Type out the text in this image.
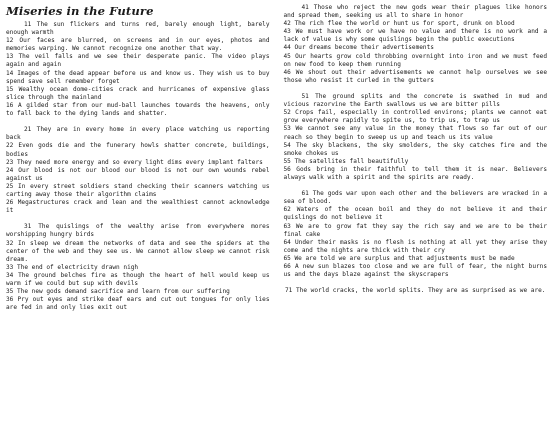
Miseries in the Future
11 The sun flickers and turns red, barely enough light, barely enough warmth
12 Our faces are blurred, on screens and in our eyes, photos and memories warping. We cannot recognize one another that way.
13 The veil falls and we see their desperate panic. The video plays again and again
14 Images of the dead appear before us and know us. They wish us to buy spend save sell remember forget
15 Wealthy ocean dome-cities crack and hurricanes of expensive glass slice through the mainland
16 A gilded star from our mud-ball launches towards the heavens, only to fall back to the dying lands and shatter.
21 They are in every home in every place watching us reporting back
22 Even gods die and the funerary howls shatter concrete, buildings, bodies
23 They need more energy and so every light dims every implant falters
24 Our blood is not our blood our blood is not our own wounds rebel against us
25 In every street soldiers stand checking their scanners watching us carting away those their algorithm claims
26 Megastructures crack and lean and the wealthiest cannot acknowledge it
31 The quislings of the wealthy arise from everywhere mores worshipping hungry birds
32 In sleep we dream the networks of data and see the spiders at the center of the web and they see us. We cannot allow sleep we cannot risk dream.
33 The end of electricity drawn nigh
34 The ground belches fire as though the heart of hell would keep us warm if we could but sup with devils
35 The new gods demand sacrifice and learn from our suffering
36 Pry out eyes and strike deaf ears and cut out tongues for only lies are fed in and only lies exit out
41 Those who reject the new gods wear their plagues like honors and spread them, seeking us all to share in honor
42 The rich flee the world or hunt us for sport, drunk on blood
43 We must have work or we have no value and there is no work and a lack of value is why some quislings begin the public executions
44 Our dreams become their advertisements
45 Our hearts grow cold throbbing overnight into iron and we must feed on new food to keep them running
46 We shout out their advertisements we cannot help ourselves we see those who resist it curled in the gutters
51 The ground splits and the concrete is swathed in mud and vicious razorvine the Earth swallows us we are bitter pills
52 Crops fail, especially in controlled environs; plants we cannot eat grow everywhere rapidly to spite us, to trip us, to trap us
53 We cannot see any value in the money that flows so far out of our reach so they begin to sweep us up and teach us its value
54 The sky blackens, the sky smolders, the sky catches fire and the smoke chokes us
55 The satellites fall beautifully
56 Gods bring in their faithful to tell them it is near. Believers always walk with a spirit and the spirits are ready.
61 The gods war upon each other and the believers are wracked in a sea of blood.
62 Waters of the ocean boil and they do not believe it and their quislings do not believe it
63 We are to grow fat they say the rich say and we are to be their final cake
64 Under their masks is no flesh is nothing at all yet they arise they come and the nights are thick with their cry
65 We are told we are surplus and that adjustments must be made
66 A new sun blazes too close and we are full of fear, the night burns us and the days blaze against the skyscrapers
71 The world cracks, the world splits. They are as surprised as we are.
